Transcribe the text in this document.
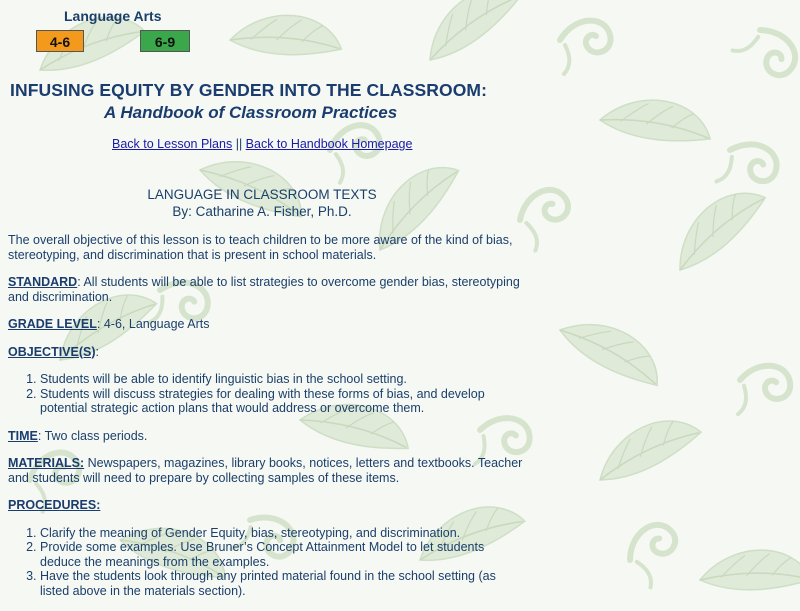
Language Arts
4-6	6-9
INFUSING EQUITY BY GENDER INTO THE CLASSROOM:
A Handbook of Classroom Practices
Back to Lesson Plans || Back to Handbook Homepage
LANGUAGE IN CLASSROOM TEXTS
By: Catharine A. Fisher, Ph.D.

The overall objective of this lesson is to teach children to be more aware of the kind of bias, stereotyping, and discrimination that is present in school materials.

STANDARD: All students will be able to list strategies to overcome gender bias, stereotyping and discrimination.

GRADE LEVEL: 4-6, Language Arts

OBJECTIVE(S):

1. Students will be able to identify linguistic bias in the school setting.
2. Students will discuss strategies for dealing with these forms of bias, and develop potential strategic action plans that would address or overcome them.

TIME: Two class periods.

MATERIALS: Newspapers, magazines, library books, notices, letters and textbooks. Teacher and students will need to prepare by collecting samples of these items.

PROCEDURES:

1. Clarify the meaning of Gender Equity, bias, stereotyping, and discrimination.
2. Provide some examples. Use Bruner’s Concept Attainment Model to let students deduce the meanings from the examples.
3. Have the students look through any printed material found in the school setting (as listed above in the materials section).
